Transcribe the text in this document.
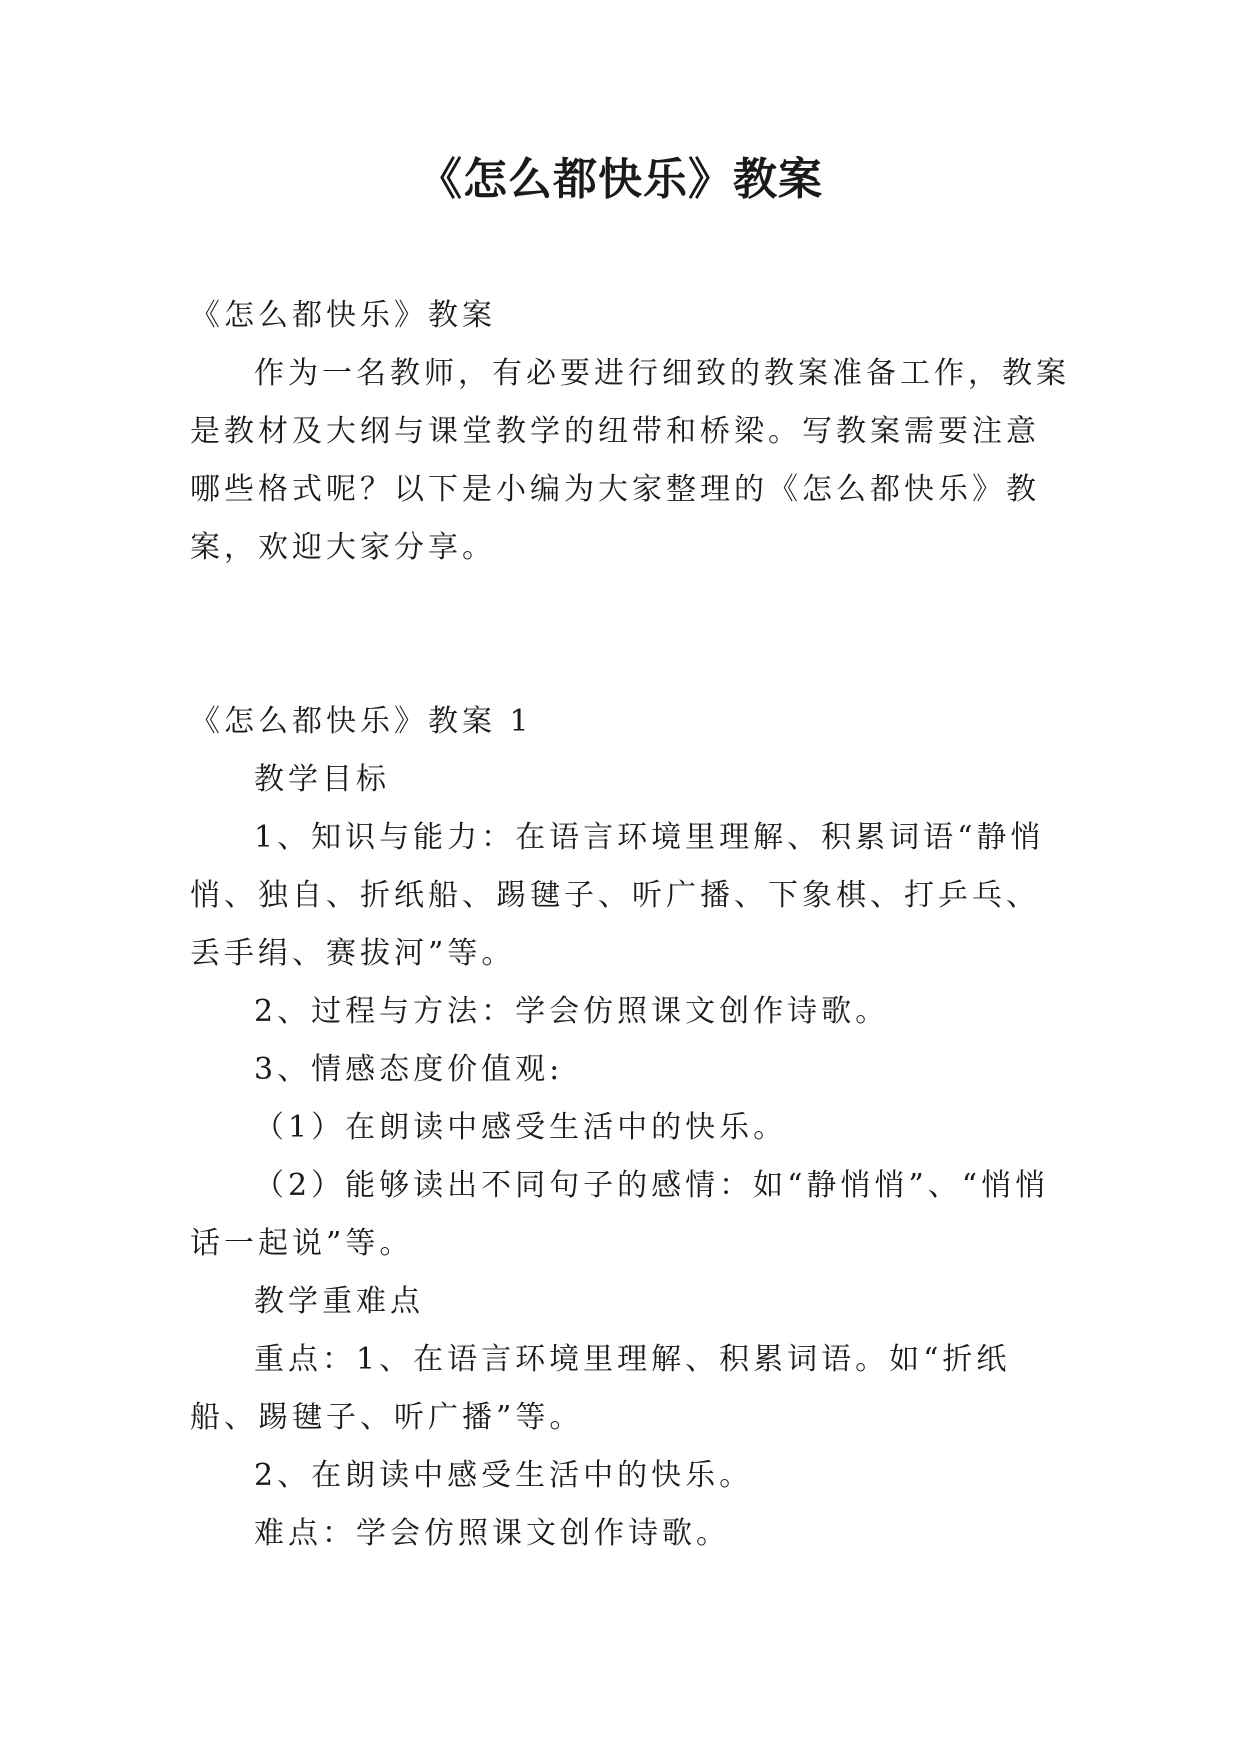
《怎么都快乐》教案

《怎么都快乐》教案

作为一名教师，有必要进行细致的教案准备工作，教案是教材及大纲与课堂教学的纽带和桥梁。写教案需要注意哪些格式呢？以下是小编为大家整理的《怎么都快乐》教案，欢迎大家分享。

《怎么都快乐》教案 1

教学目标

1、知识与能力：在语言环境里理解、积累词语“静悄悄、独自、折纸船、踢毽子、听广播、下象棋、打乒乓、丢手绢、赛拔河”等。

2、过程与方法：学会仿照课文创作诗歌。

3、情感态度价值观:

（1）在朗读中感受生活中的快乐。

（2）能够读出不同句子的感情：如“静悄悄”、“悄悄话一起说”等。

教学重难点

重点：1、在语言环境里理解、积累词语。如“折纸船、踢毽子、听广播”等。

2、在朗读中感受生活中的快乐。

难点：学会仿照课文创作诗歌。
